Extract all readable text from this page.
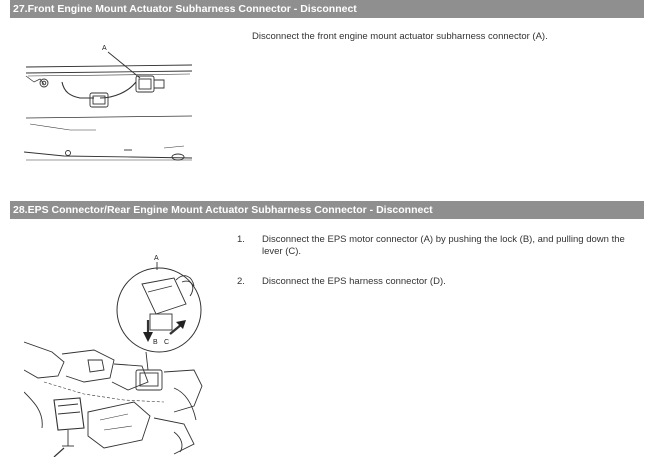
27.Front Engine Mount Actuator Subharness Connector - Disconnect
A
Disconnect the front engine mount actuator subharness connector (A).
28.EPS Connector/Rear Engine Mount Actuator Subharness Connector - Disconnect
A
B C
1.	Disconnect the EPS motor connector (A) by pushing the lock (B), and pulling down the lever (C).
2.	Disconnect the EPS harness connector (D).
